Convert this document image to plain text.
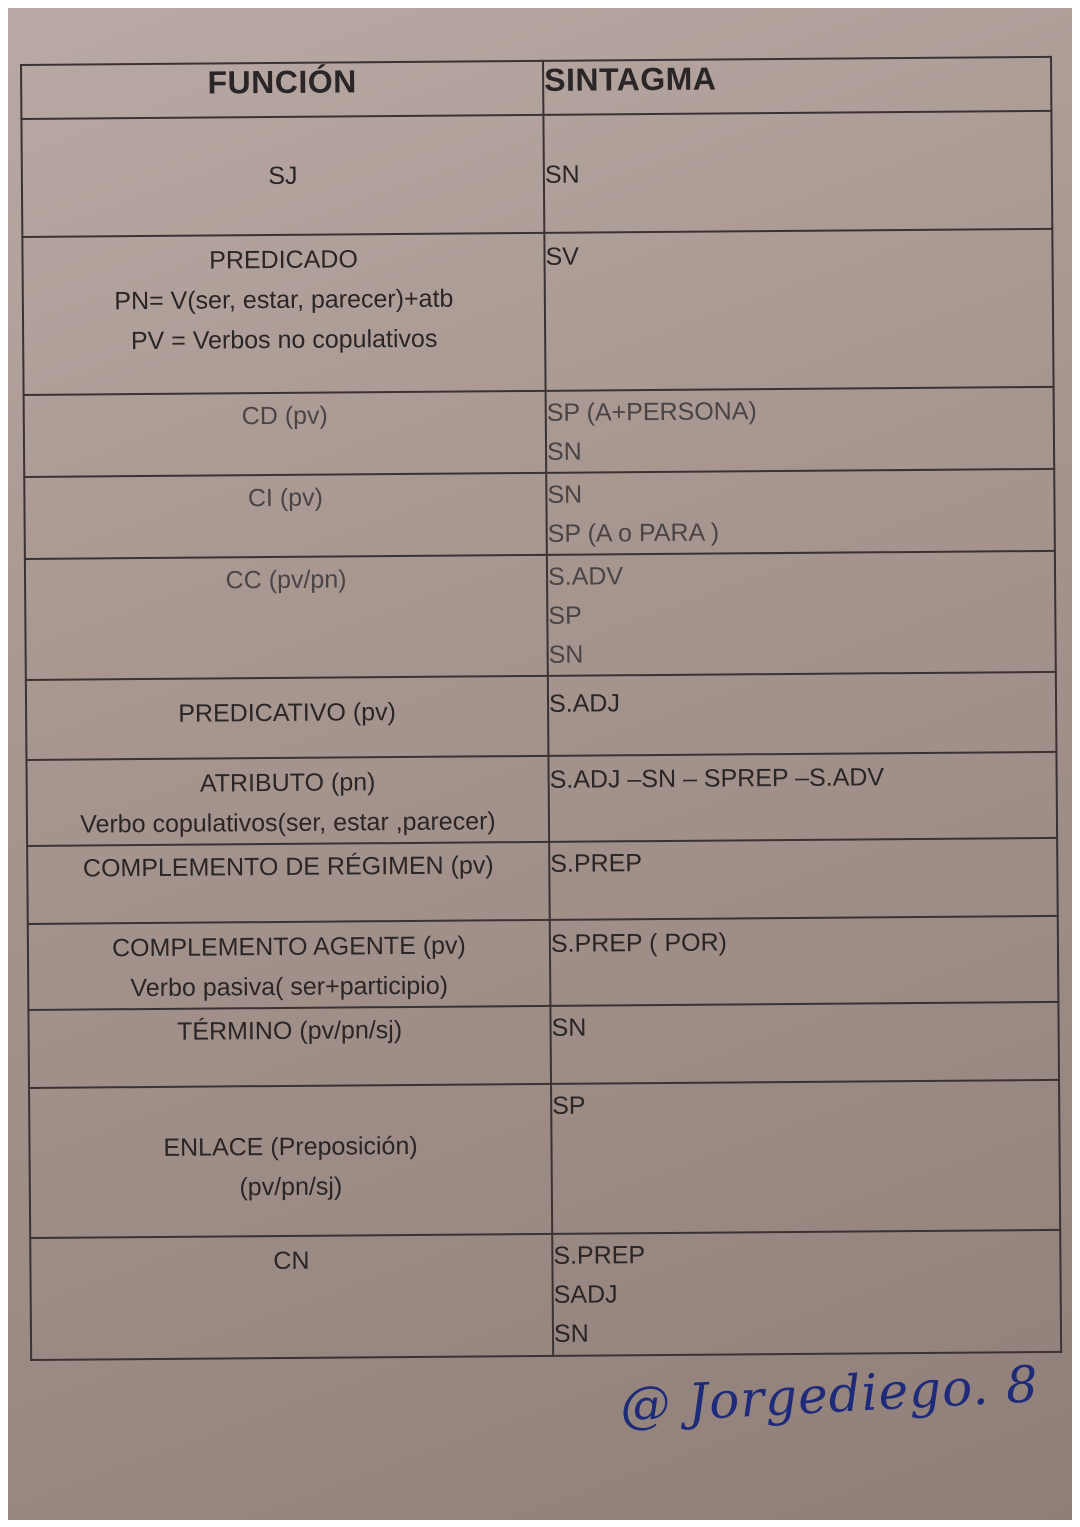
FUNCIÓN	SINTAGMA

SJ	SN

PREDICADO
PN= V(ser, estar, parecer)+atb
PV = Verbos no copulativos	SV

CD (pv)	SP (A+PERSONA)
SN

CI (pv)	SN
SP (A o PARA )

CC (pv/pn)	S.ADV
SP
SN

PREDICATIVO (pv)	S.ADJ

ATRIBUTO (pn)
Verbo copulativos(ser, estar ,parecer)	S.ADJ –SN – SPREP –S.ADV

COMPLEMENTO DE RÉGIMEN (pv)	S.PREP

COMPLEMENTO AGENTE (pv)
Verbo pasiva( ser+participio)	S.PREP ( POR)

TÉRMINO (pv/pn/sj)	SN

ENLACE (Preposición)
(pv/pn/sj)	SP

CN	S.PREP
SADJ
SN
@ Jorgediego. 8
